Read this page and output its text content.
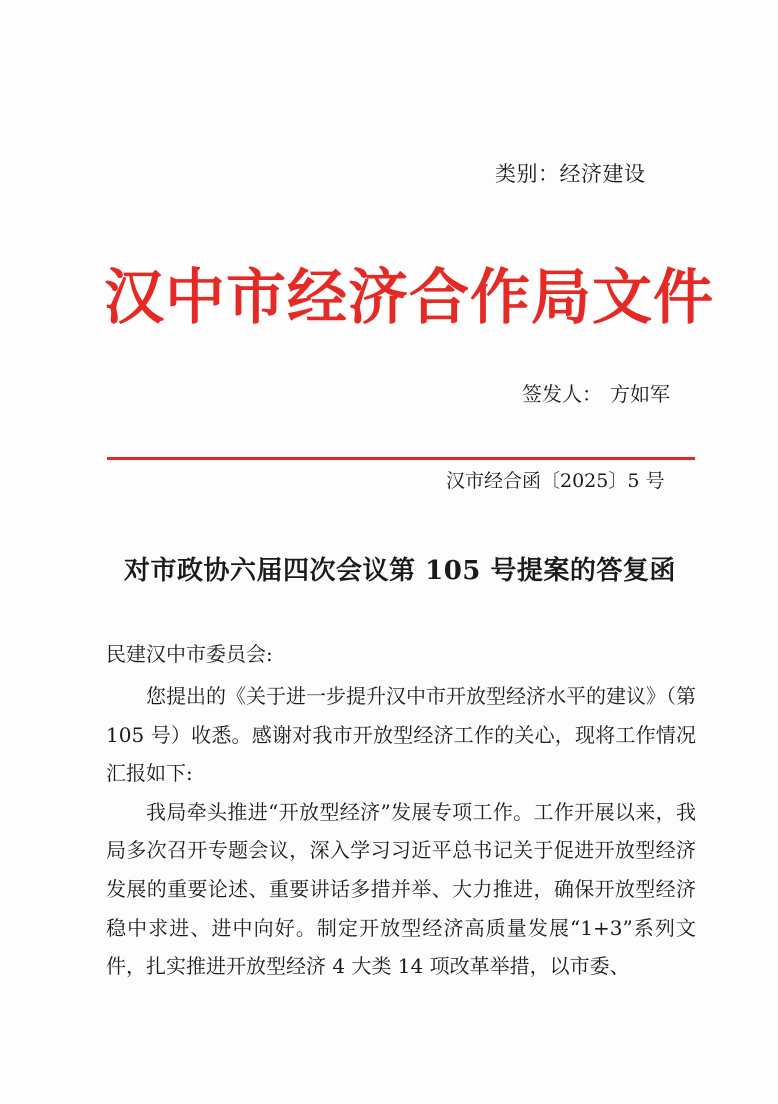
类别：经济建设
汉中市经济合作局文件
签发人： 方如军
汉市经合函〔2025〕5 号
对市政协六届四次会议第 105 号提案的答复函
民建汉中市委员会:

您提出的《关于进一步提升汉中市开放型经济水平的建议》（第 105 号）收悉。感谢对我市开放型经济工作的关心，现将工作情况汇报如下:

我局牵头推进“开放型经济”发展专项工作。工作开展以来，我局多次召开专题会议，深入学习习近平总书记关于促进开放型经济发展的重要论述、重要讲话多措并举、大力推进，确保开放型经济稳中求进、进中向好。制定开放型经济高质量发展“1+3”系列文件，扎实推进开放型经济 4 大类 14 项改革举措，以市委、
